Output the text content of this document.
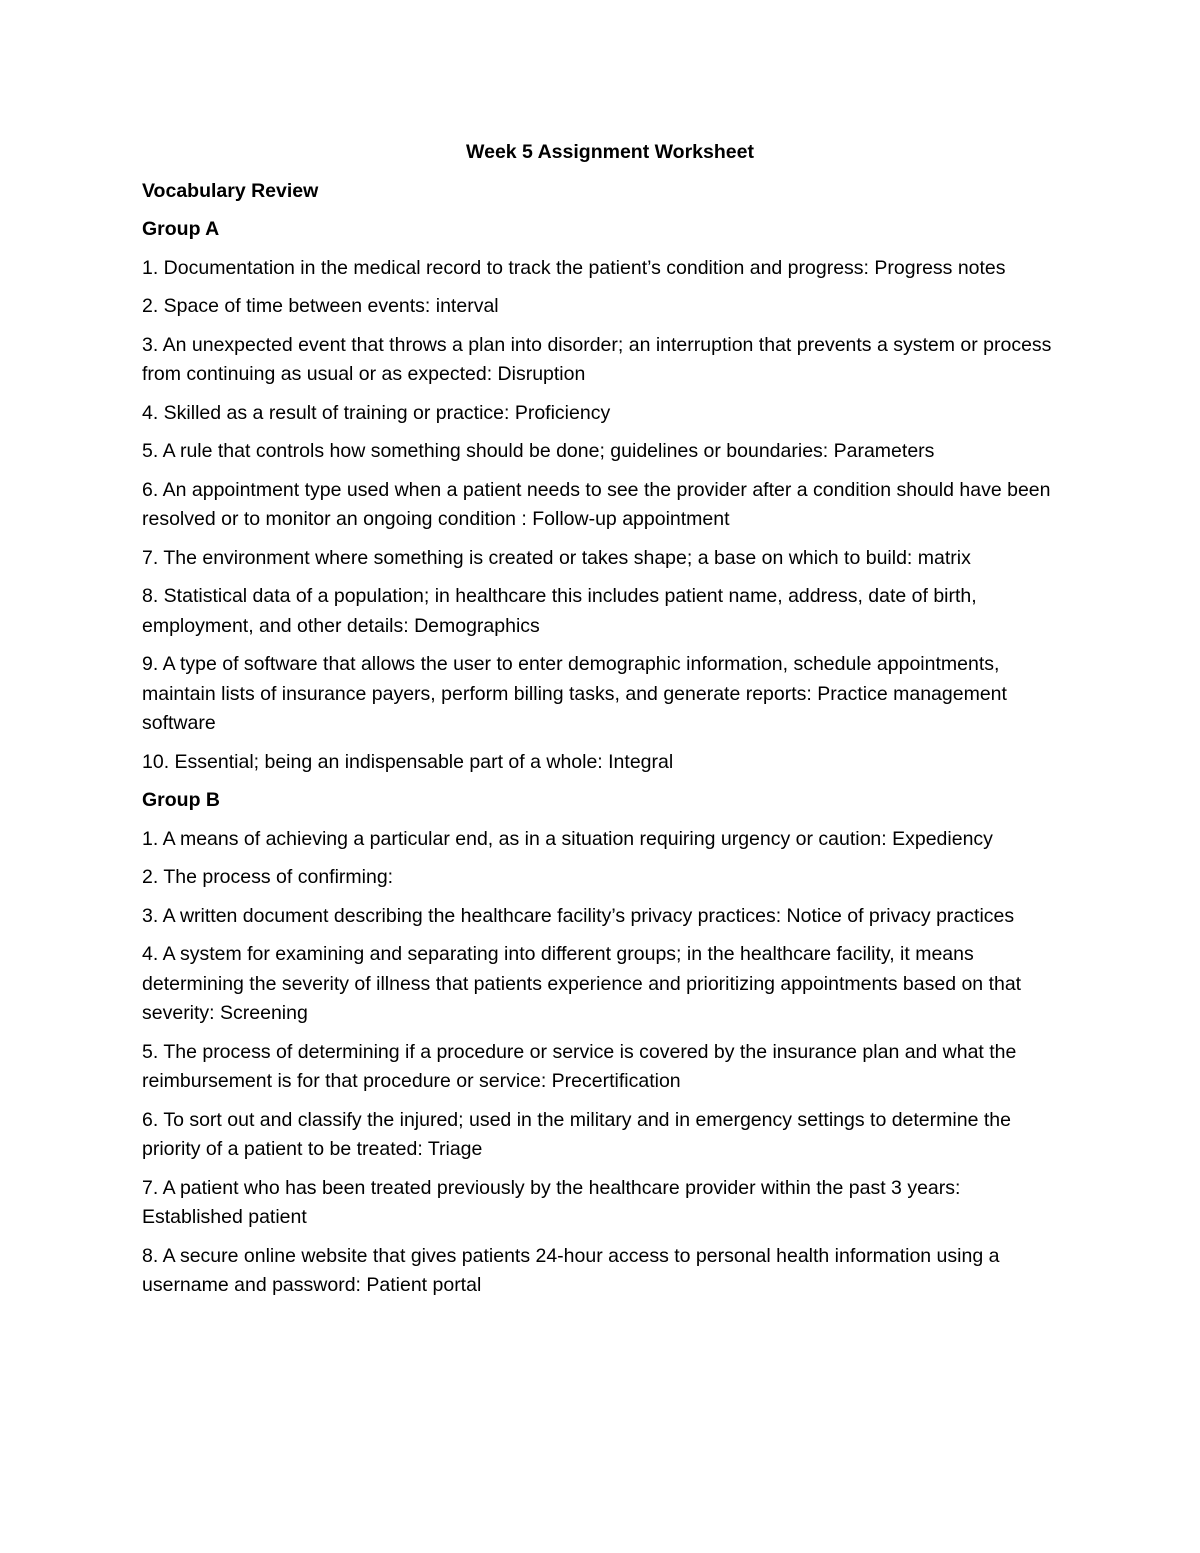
Week 5 Assignment Worksheet

Vocabulary Review

Group A

1. Documentation in the medical record to track the patient’s condition and progress: Progress notes

2. Space of time between events: interval

3. An unexpected event that throws a plan into disorder; an interruption that prevents a system or process from continuing as usual or as expected: Disruption

4. Skilled as a result of training or practice: Proficiency

5. A rule that controls how something should be done; guidelines or boundaries: Parameters

6. An appointment type used when a patient needs to see the provider after a condition should have been resolved or to monitor an ongoing condition : Follow-up appointment

7. The environment where something is created or takes shape; a base on which to build: matrix

8. Statistical data of a population; in healthcare this includes patient name, address, date of birth, employment, and other details: Demographics

9. A type of software that allows the user to enter demographic information, schedule appointments, maintain lists of insurance payers, perform billing tasks, and generate reports: Practice management software

10. Essential; being an indispensable part of a whole: Integral

Group B

1. A means of achieving a particular end, as in a situation requiring urgency or caution: Expediency

2. The process of confirming:

3. A written document describing the healthcare facility’s privacy practices: Notice of privacy practices

4. A system for examining and separating into different groups; in the healthcare facility, it means determining the severity of illness that patients experience and prioritizing appointments based on that severity: Screening

5. The process of determining if a procedure or service is covered by the insurance plan and what the reimbursement is for that procedure or service: Precertification

6. To sort out and classify the injured; used in the military and in emergency settings to determine the priority of a patient to be treated: Triage

7. A patient who has been treated previously by the healthcare provider within the past 3 years: Established patient

8. A secure online website that gives patients 24-hour access to personal health information using a username and password: Patient portal
